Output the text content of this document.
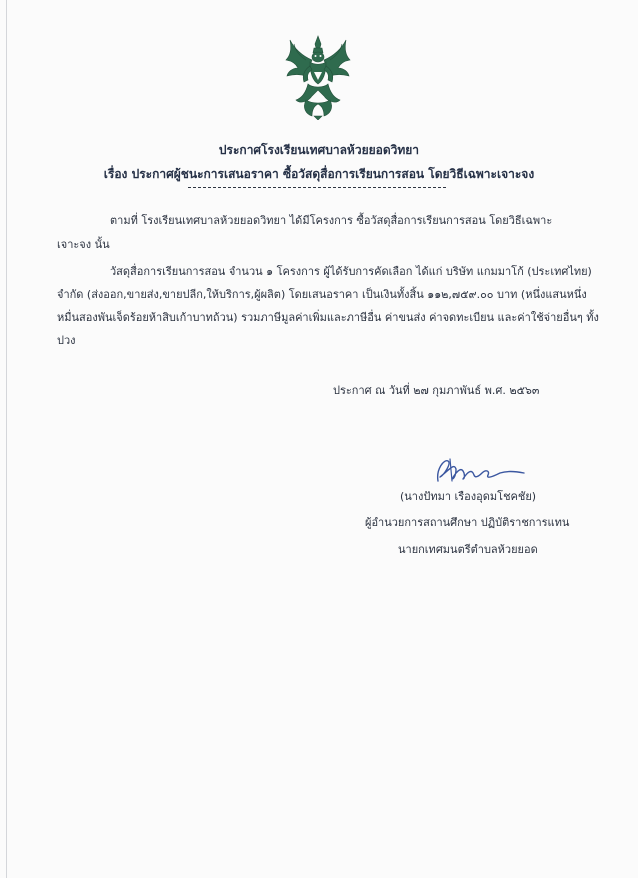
ประกาศโรงเรียนเทศบาลห้วยยอดวิทยา
เรื่อง ประกาศผู้ชนะการเสนอราคา ซื้อวัสดุสื่อการเรียนการสอน โดยวิธีเฉพาะเจาะจง
ตามที่ โรงเรียนเทศบาลห้วยยอดวิทยา ได้มีโครงการ ซื้อวัสดุสื่อการเรียนการสอน โดยวิธีเฉพาะ
เจาะจง นั้น
วัสดุสื่อการเรียนการสอน จำนวน ๑ โครงการ ผู้ได้รับการคัดเลือก ได้แก่ บริษัท แกมมาโก้ (ประเทศไทย)
จำกัด (ส่งออก,ขายส่ง,ขายปลีก,ให้บริการ,ผู้ผลิต) โดยเสนอราคา เป็นเงินทั้งสิ้น ๑๑๒,๗๕๙.๐๐ บาท (หนึ่งแสนหนึ่ง
หมื่นสองพันเจ็ดร้อยห้าสิบเก้าบาทถ้วน) รวมภาษีมูลค่าเพิ่มและภาษีอื่น ค่าขนส่ง ค่าจดทะเบียน และค่าใช้จ่ายอื่นๆ ทั้ง
ปวง
ประกาศ ณ วันที่ ๒๗ กุมภาพันธ์ พ.ศ. ๒๕๖๓
(นางปัทมา เรืองอุดมโชคชัย)
ผู้อำนวยการสถานศึกษา ปฏิบัติราชการแทน
นายกเทศมนตรีตำบลห้วยยอด
